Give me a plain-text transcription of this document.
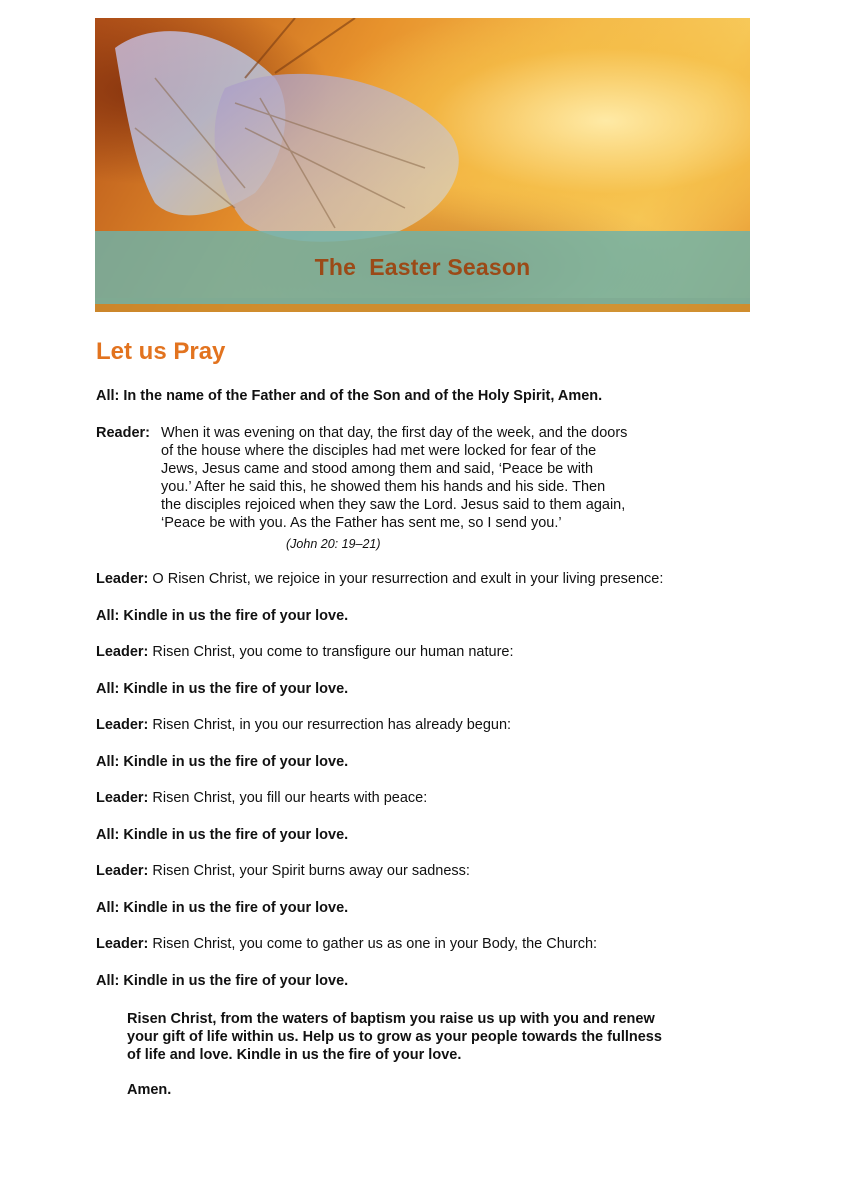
The  Easter Season
Let us Pray
All: In the name of the Father and of the Son and of the Holy Spirit, Amen.
Reader: When it was evening on that day, the first day of the week, and the doors
of the house where the disciples had met were locked for fear of the
Jews, Jesus came and stood among them and said, ‘Peace be with
you.’ After he said this, he showed them his hands and his side. Then
the disciples rejoiced when they saw the Lord. Jesus said to them again,
‘Peace be with you. As the Father has sent me, so I send you.’
(John 20: 19–21)
Leader: O Risen Christ, we rejoice in your resurrection and exult in your living presence:
All: Kindle in us the fire of your love.
Leader: Risen Christ, you come to transfigure our human nature:
All: Kindle in us the fire of your love.
Leader: Risen Christ, in you our resurrection has already begun:
All: Kindle in us the fire of your love.
Leader: Risen Christ, you fill our hearts with peace:
All: Kindle in us the fire of your love.
Leader: Risen Christ, your Spirit burns away our sadness:
All: Kindle in us the fire of your love.
Leader: Risen Christ, you come to gather us as one in your Body, the Church:
All: Kindle in us the fire of your love.
Risen Christ, from the waters of baptism you raise us up with you and renew
your gift of life within us. Help us to grow as your people towards the fullness
of life and love. Kindle in us the fire of your love.
Amen.
